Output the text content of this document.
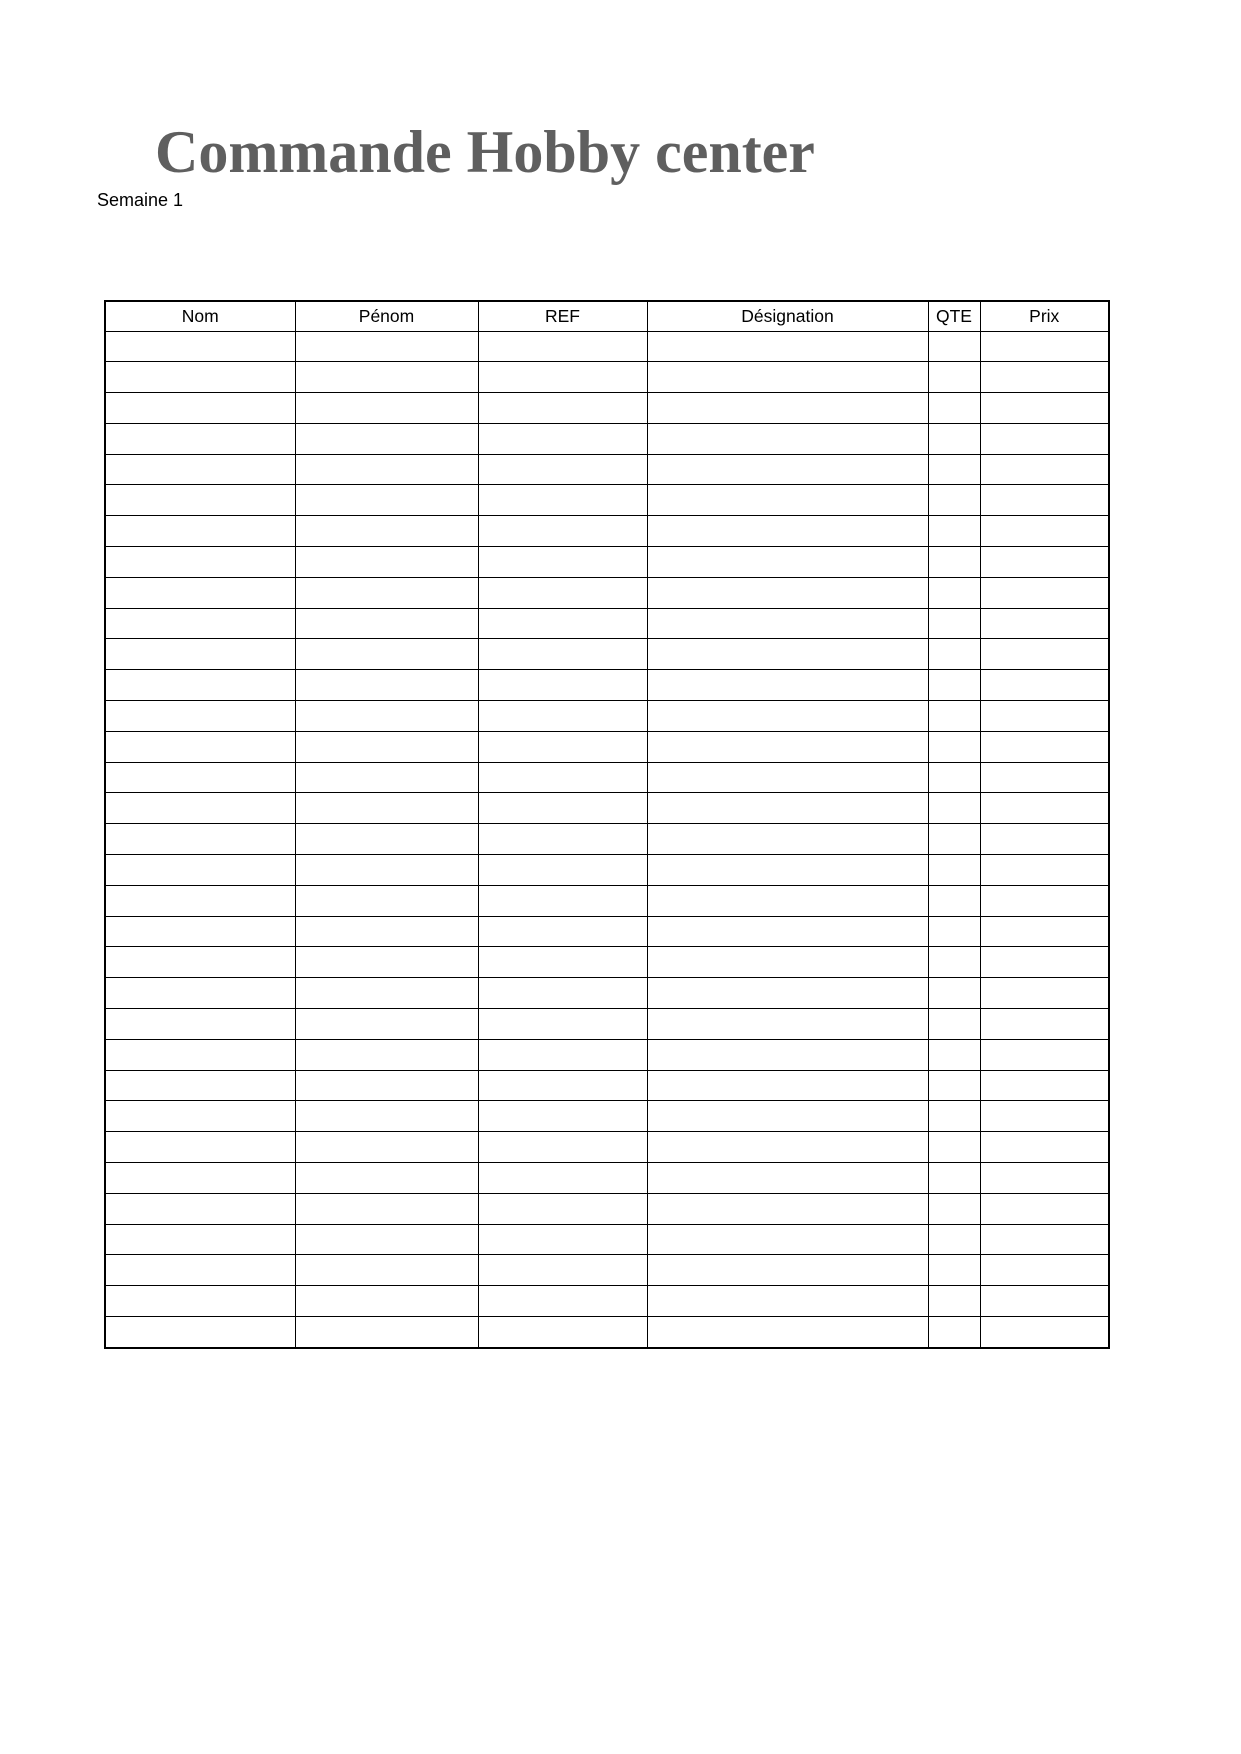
Commande Hobby center

Semaine 1

Nom	Pénom	REF	Désignation	QTE	Prix
